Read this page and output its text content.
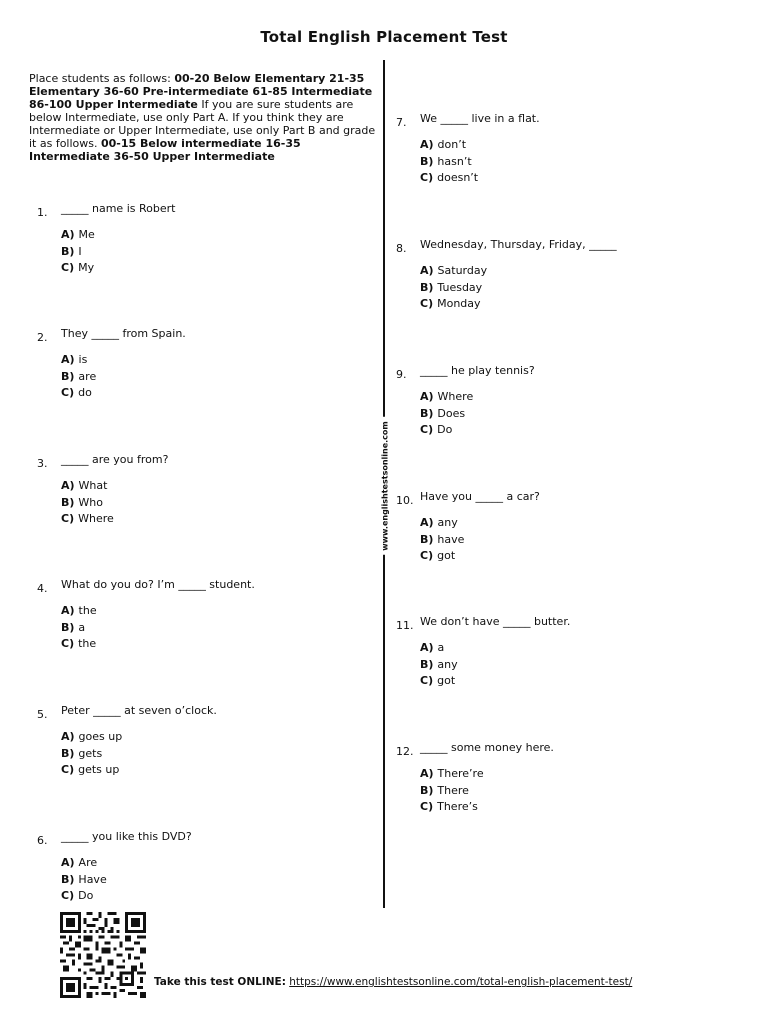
Total English Placement Test
Place students as follows: 00-20 Below Elementary 21-35 Elementary 36-60 Pre-intermediate 61-85 Intermediate 86-100 Upper Intermediate If you are sure students are below Intermediate, use only Part A. If you think they are Intermediate or Upper Intermediate, use only Part B and grade it as follows. 00-15 Below intermediate 16-35 Intermediate 36-50 Upper Intermediate
www.englishtestsonline.com
1. _____ name is Robert
A) Me
B) I
C) My
2. They _____ from Spain.
A) is
B) are
C) do
3. _____ are you from?
A) What
B) Who
C) Where
4. What do you do? I’m _____ student.
A) the
B) a
C) the
5. Peter _____ at seven o’clock.
A) goes up
B) gets
C) gets up
6. _____ you like this DVD?
A) Are
B) Have
C) Do
7. We _____ live in a flat.
A) don’t
B) hasn’t
C) doesn’t
8. Wednesday, Thursday, Friday, _____
A) Saturday
B) Tuesday
C) Monday
9. _____ he play tennis?
A) Where
B) Does
C) Do
10. Have you _____ a car?
A) any
B) have
C) got
11. We don’t have _____ butter.
A) a
B) any
C) got
12. _____ some money here.
A) There’re
B) There
C) There’s
Take this test ONLINE: https://www.englishtestsonline.com/total-english-placement-test/
